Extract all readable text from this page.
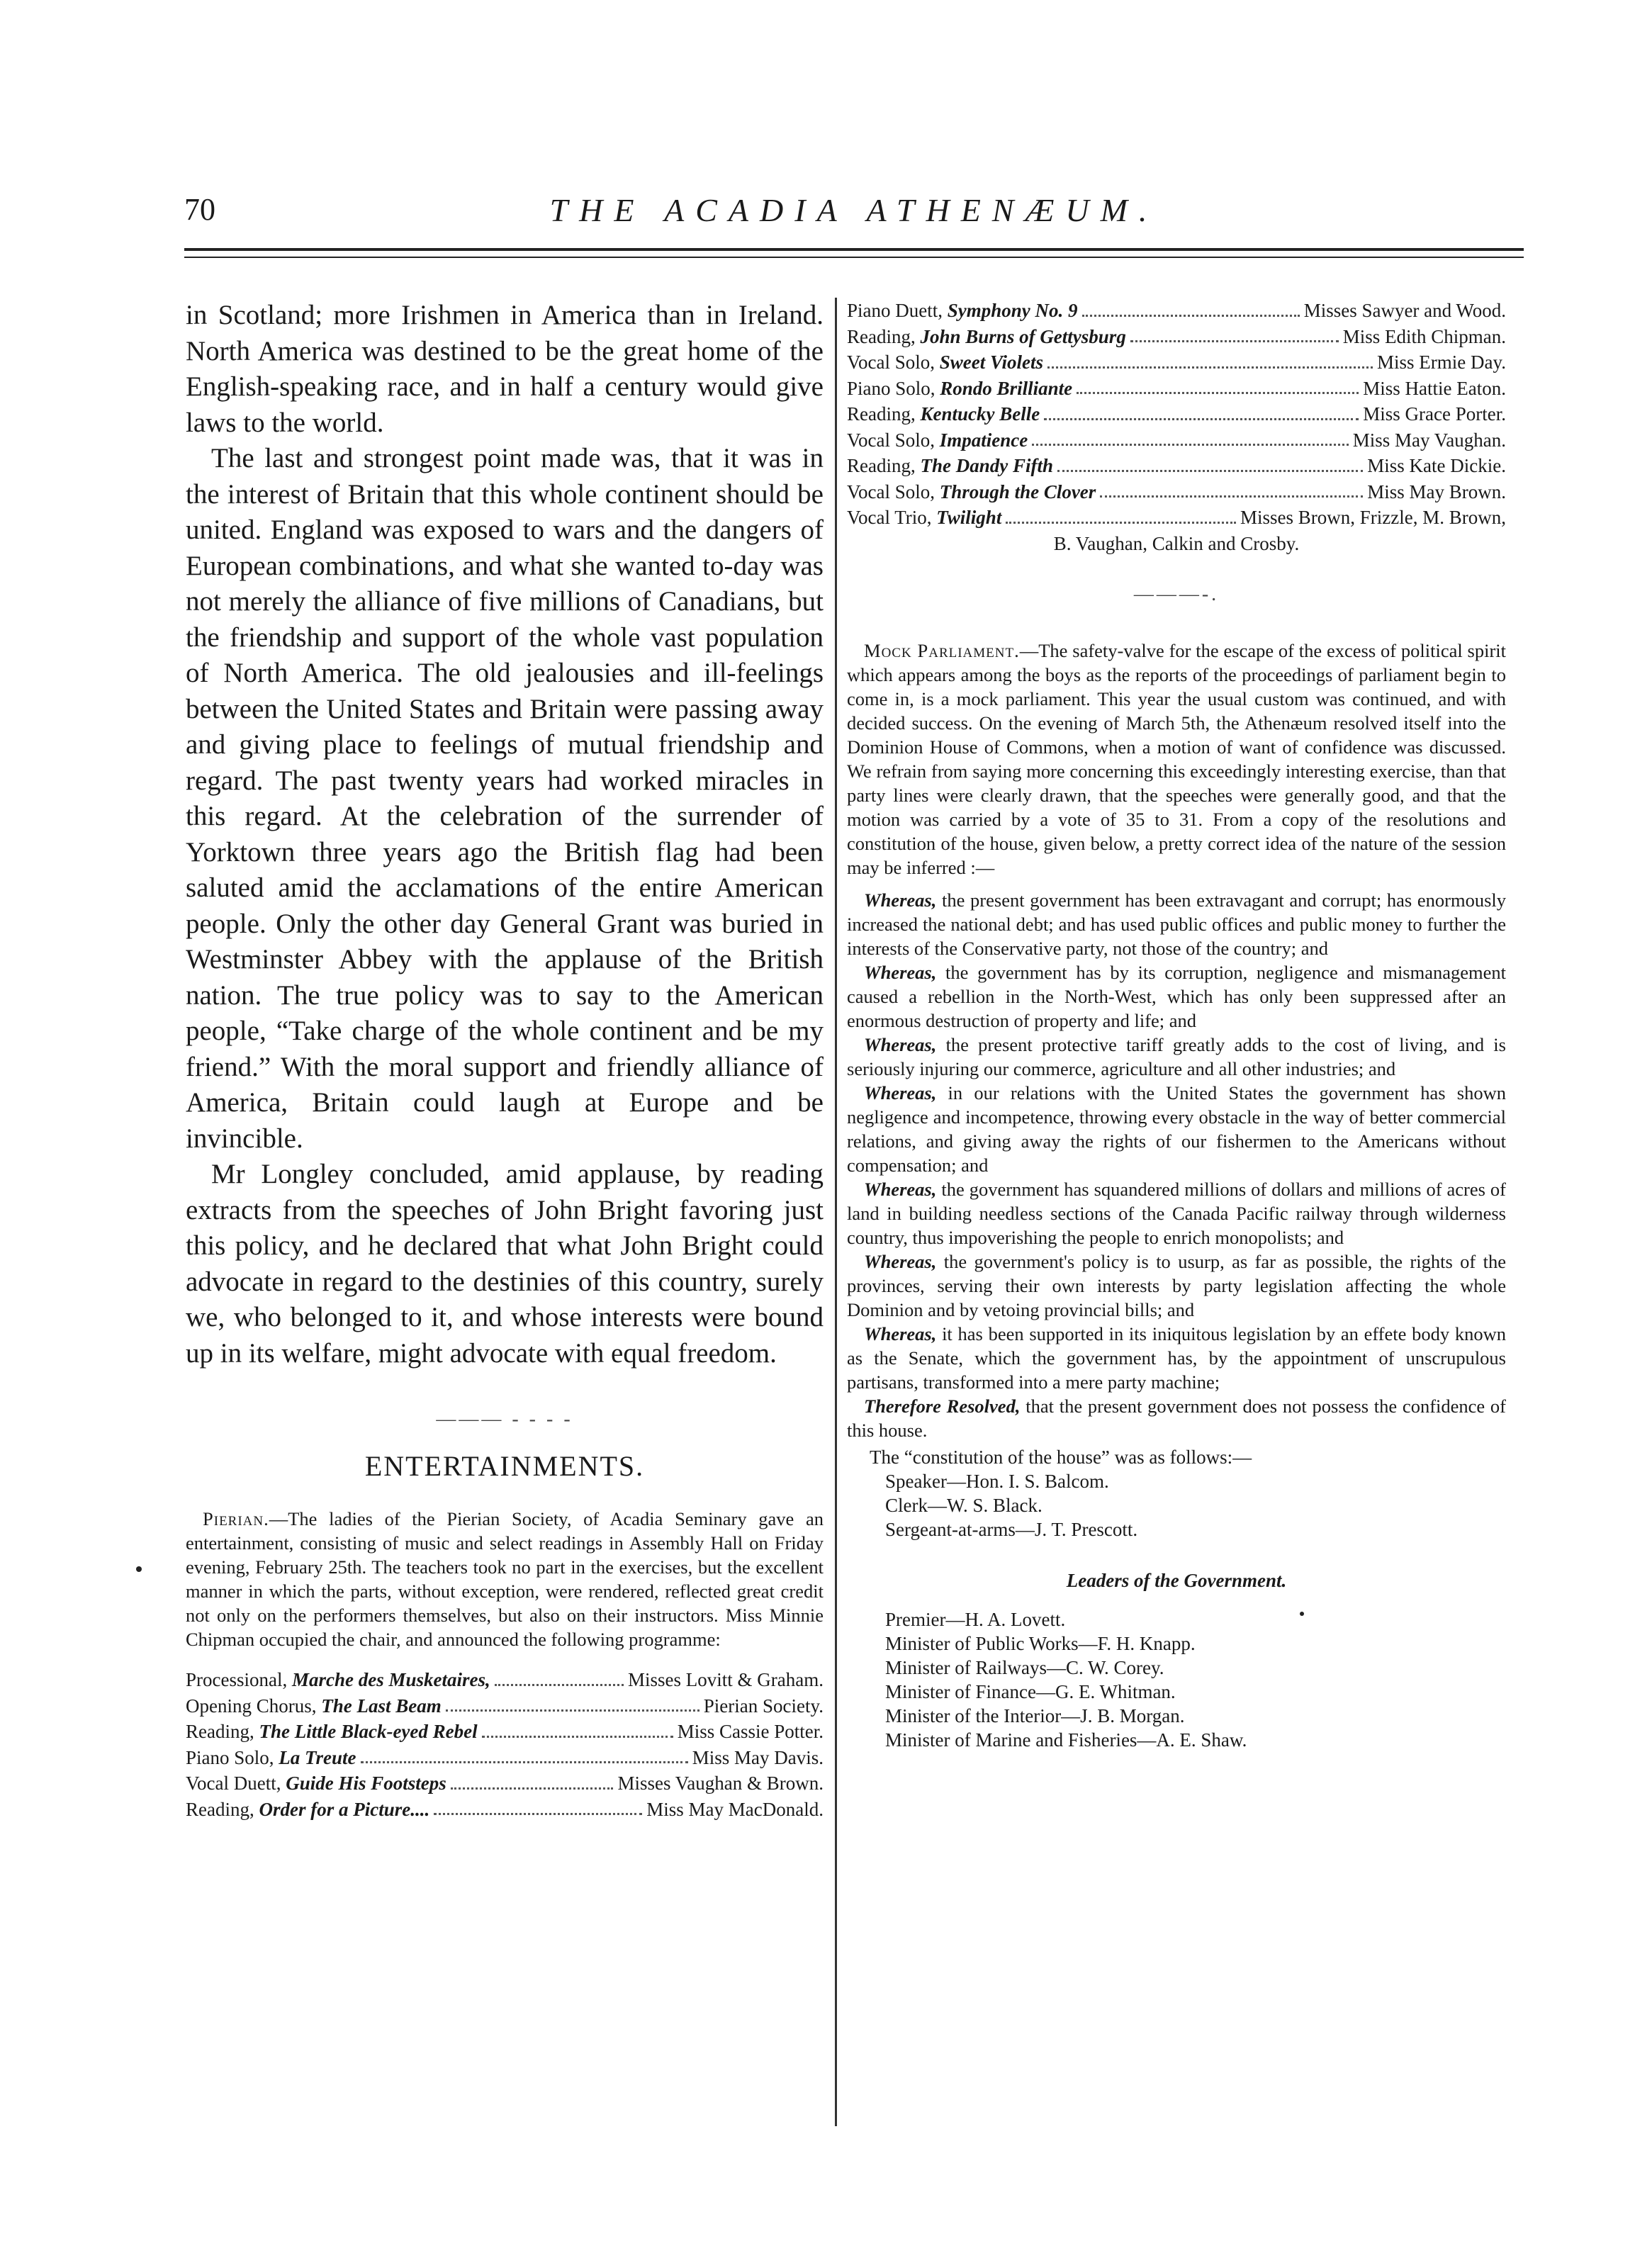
70	THE ACADIA ATHENÆUM.

in Scotland; more Irishmen in America than in Ireland. North America was destined to be the great home of the English-speaking race, and in half a century would give laws to the world.

The last and strongest point made was, that it was in the interest of Britain that this whole continent should be united. England was exposed to wars and the dangers of European combinations, and what she wanted to-day was not merely the alliance of five millions of Canadians, but the friendship and support of the whole vast population of North America. The old jealousies and ill-feelings between the United States and Britain were passing away and giving place to feelings of mutual friendship and regard. The past twenty years had worked miracles in this regard. At the celebration of the surrender of Yorktown three years ago the British flag had been saluted amid the acclamations of the entire American people. Only the other day General Grant was buried in Westminster Abbey with the applause of the British nation. The true policy was to say to the American people, “Take charge of the whole continent and be my friend.” With the moral support and friendly alliance of America, Britain could laugh at Europe and be invincible.

Mr Longley concluded, amid applause, by reading extracts from the speeches of John Bright favoring just this policy, and he declared that what John Bright could advocate in regard to the destinies of this country, surely we, who belonged to it, and whose interests were bound up in its welfare, might advocate with equal freedom.

——— - - - -

ENTERTAINMENTS.

Pierian.—The ladies of the Pierian Society, of Acadia Seminary gave an entertainment, consisting of music and select readings in Assembly Hall on Friday evening, February 25th. The teachers took no part in the exercises, but the excellent manner in which the parts, without exception, were rendered, reflected great credit not only on the performers themselves, but also on their instructors. Miss Minnie Chipman occupied the chair, and announced the following programme:

Processional, Marche des Musketaires,	Misses Lovitt & Graham.
Opening Chorus, The Last Beam	Pierian Society.
Reading, The Little Black-eyed Rebel	Miss Cassie Potter.
Piano Solo, La Treute	Miss May Davis.
Vocal Duett, Guide His Footsteps	Misses Vaughan & Brown.
Reading, Order for a Picture....	Miss May MacDonald.
Piano Duett, Symphony No. 9	Misses Sawyer and Wood.
Reading, John Burns of Gettysburg	Miss Edith Chipman.
Vocal Solo, Sweet Violets	Miss Ermie Day.
Piano Solo, Rondo Brilliante	Miss Hattie Eaton.
Reading, Kentucky Belle	Miss Grace Porter.
Vocal Solo, Impatience	Miss May Vaughan.
Reading, The Dandy Fifth	Miss Kate Dickie.
Vocal Solo, Through the Clover	Miss May Brown.
Vocal Trio, Twilight	Misses Brown, Frizzle, M. Brown,
B. Vaughan, Calkin and Crosby.
———-.

Mock Parliament.—The safety-valve for the escape of the excess of political spirit which appears among the boys as the reports of the proceedings of parliament begin to come in, is a mock parliament. This year the usual custom was continued, and with decided success. On the evening of March 5th, the Athenæum resolved itself into the Dominion House of Commons, when a motion of want of confidence was discussed. We refrain from saying more concerning this exceedingly interesting exercise, than that party lines were clearly drawn, that the speeches were generally good, and that the motion was carried by a vote of 35 to 31. From a copy of the resolutions and constitution of the house, given below, a pretty correct idea of the nature of the session may be inferred :—

Whereas, the present government has been extravagant and corrupt; has enormously increased the national debt; and has used public offices and public money to further the interests of the Conservative party, not those of the country; and

Whereas, the government has by its corruption, negligence and mismanagement caused a rebellion in the North-West, which has only been suppressed after an enormous destruction of property and life; and

Whereas, the present protective tariff greatly adds to the cost of living, and is seriously injuring our commerce, agriculture and all other industries; and

Whereas, in our relations with the United States the government has shown negligence and incompetence, throwing every obstacle in the way of better commercial relations, and giving away the rights of our fishermen to the Americans without compensation; and

Whereas, the government has squandered millions of dollars and millions of acres of land in building needless sections of the Canada Pacific railway through wilderness country, thus impoverishing the people to enrich monopolists; and

Whereas, the government's policy is to usurp, as far as possible, the rights of the provinces, serving their own interests by party legislation affecting the whole Dominion and by vetoing provincial bills; and

Whereas, it has been supported in its iniquitous legislation by an effete body known as the Senate, which the government has, by the appointment of unscrupulous partisans, transformed into a mere party machine;

Therefore Resolved, that the present government does not possess the confidence of this house.

The “constitution of the house” was as follows:—
Speaker—Hon. I. S. Balcom.
Clerk—W. S. Black.
Sergeant-at-arms—J. T. Prescott.
Leaders of the Government.
Premier—H. A. Lovett.
Minister of Public Works—F. H. Knapp.
Minister of Railways—C. W. Corey.
Minister of Finance—G. E. Whitman.
Minister of the Interior—J. B. Morgan.
Minister of Marine and Fisheries—A. E. Shaw.
